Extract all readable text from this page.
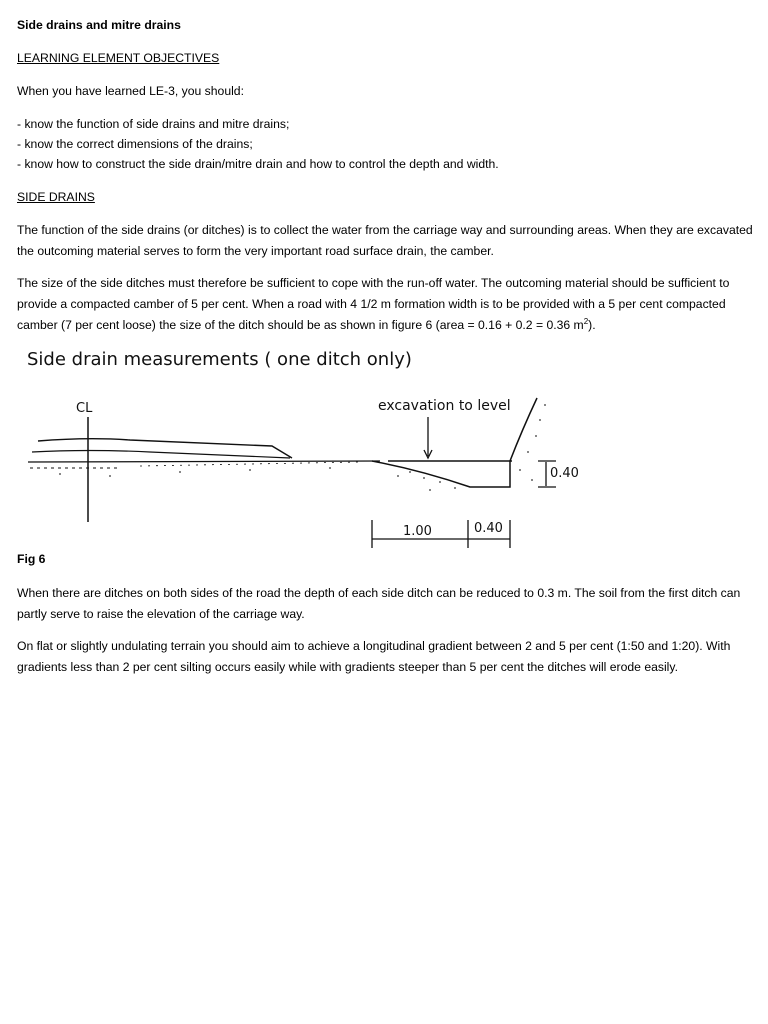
Side drains and mitre drains

LEARNING ELEMENT OBJECTIVES

When you have learned LE-3, you should:

- know the function of side drains and mitre drains;

- know the correct dimensions of the drains;

- know how to construct the side drain/mitre drain and how to control the depth and width.

SIDE DRAINS

The function of the side drains (or ditches) is to collect the water from the carriage way and surrounding areas. When they are excavated the outcoming material serves to form the very important road surface drain, the camber.

The size of the side ditches must therefore be sufficient to cope with the run-off water. The outcoming material should be sufficient to provide a compacted camber of 5 per cent. When a road with 4 1/2 m formation width is to be provided with a 5 per cent compacted camber (7 per cent loose) the size of the ditch should be as shown in figure 6 (area = 0.16 + 0.2 = 0.36 $m^2$).

Side drain measurements ( one ditch only)
CL	excavation to level
0.40
1.00	0.40

Fig 6

When there are ditches on both sides of the road the depth of each side ditch can be reduced to 0.3 m. The soil from the first ditch can partly serve to raise the elevation of the carriage way.

On flat or slightly undulating terrain you should aim to achieve a longitudinal gradient between 2 and 5 per cent (1:50 and 1:20). With gradients less than 2 per cent silting occurs easily while with gradients steeper than 5 per cent the ditches will erode easily.
